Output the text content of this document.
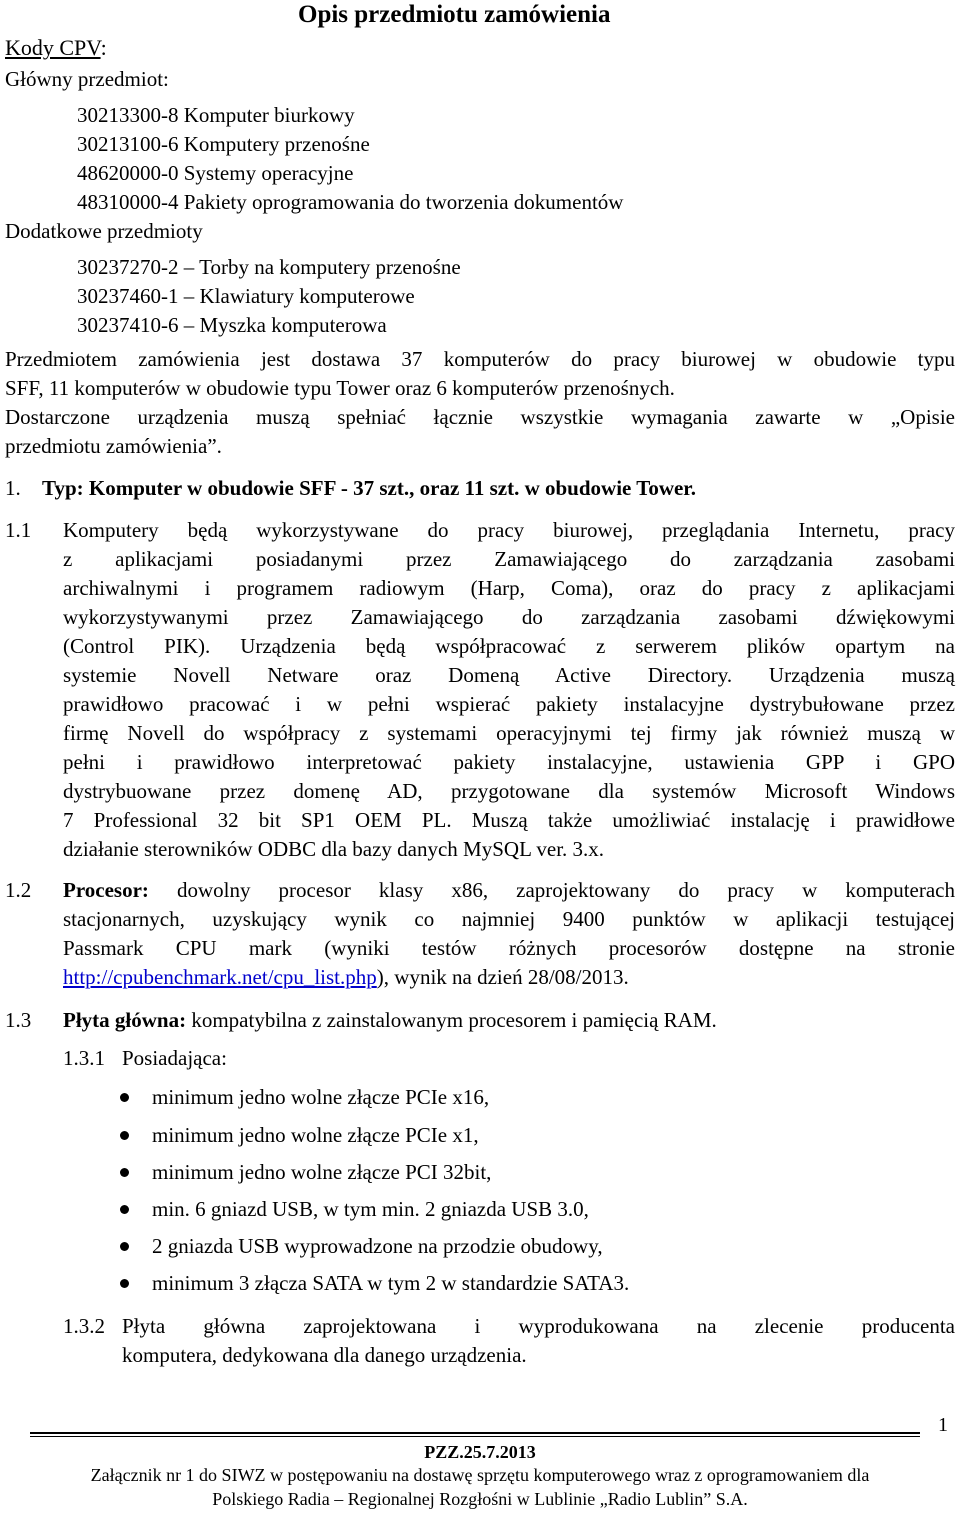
Opis przedmiotu zamówienia
Kody CPV:
Główny przedmiot:
30213300-8 Komputer biurkowy
30213100-6 Komputery przenośne
48620000-0 Systemy operacyjne
48310000-4 Pakiety oprogramowania do tworzenia dokumentów
Dodatkowe przedmioty
30237270-2 – Torby na komputery przenośne
30237460-1 – Klawiatury komputerowe
30237410-6 – Myszka komputerowa
Przedmiotem zamówienia jest dostawa 37 komputerów do pracy biurowej w obudowie typu
SFF, 11 komputerów w obudowie typu Tower oraz 6 komputerów przenośnych.
Dostarczone urządzenia muszą spełniać łącznie wszystkie wymagania zawarte w „Opisie
przedmiotu zamówienia”.
1. Typ: Komputer w obudowie SFF - 37 szt., oraz 11 szt. w obudowie Tower.
1.1 Komputery będą wykorzystywane do pracy biurowej, przeglądania Internetu, pracy
z aplikacjami posiadanymi przez Zamawiającego do zarządzania zasobami
archiwalnymi i programem radiowym (Harp, Coma), oraz do pracy z aplikacjami
wykorzystywanymi przez Zamawiającego do zarządzania zasobami dźwiękowymi
(Control PIK). Urządzenia będą współpracować z serwerem plików opartym na
systemie Novell Netware oraz Domeną Active Directory. Urządzenia muszą
prawidłowo pracować i w pełni wspierać pakiety instalacyjne dystrybułowane przez
firmę Novell do współpracy z systemami operacyjnymi tej firmy jak również muszą w
pełni i prawidłowo interpretować pakiety instalacyjne, ustawienia GPP i GPO
dystrybuowane przez domenę AD, przygotowane dla systemów Microsoft Windows
7 Professional 32 bit SP1 OEM PL. Muszą także umożliwiać instalację i prawidłowe
działanie sterowników ODBC dla bazy danych MySQL ver. 3.x.
1.2 Procesor: dowolny procesor klasy x86, zaprojektowany do pracy w komputerach
stacjonarnych, uzyskujący wynik co najmniej 9400 punktów w aplikacji testującej
Passmark CPU mark (wyniki testów różnych procesorów dostępne na stronie
http://cpubenchmark.net/cpu_list.php), wynik na dzień 28/08/2013.
1.3 Płyta główna: kompatybilna z zainstalowanym procesorem i pamięcią RAM.
1.3.1 Posiadająca:
minimum jedno wolne złącze PCIe x16,
minimum jedno wolne złącze PCIe x1,
minimum jedno wolne złącze PCI 32bit,
min. 6 gniazd USB, w tym min. 2 gniazda USB 3.0,
2 gniazda USB wyprowadzone na przodzie obudowy,
minimum 3 złącza SATA w tym 2 w standardzie SATA3.
1.3.2 Płyta główna zaprojektowana i wyprodukowana na zlecenie producenta
komputera, dedykowana dla danego urządzenia.
1
PZZ.25.7.2013
Załącznik nr 1 do SIWZ w postępowaniu na dostawę sprzętu komputerowego wraz z oprogramowaniem dla
Polskiego Radia – Regionalnej Rozgłośni w Lublinie „Radio Lublin” S.A.
